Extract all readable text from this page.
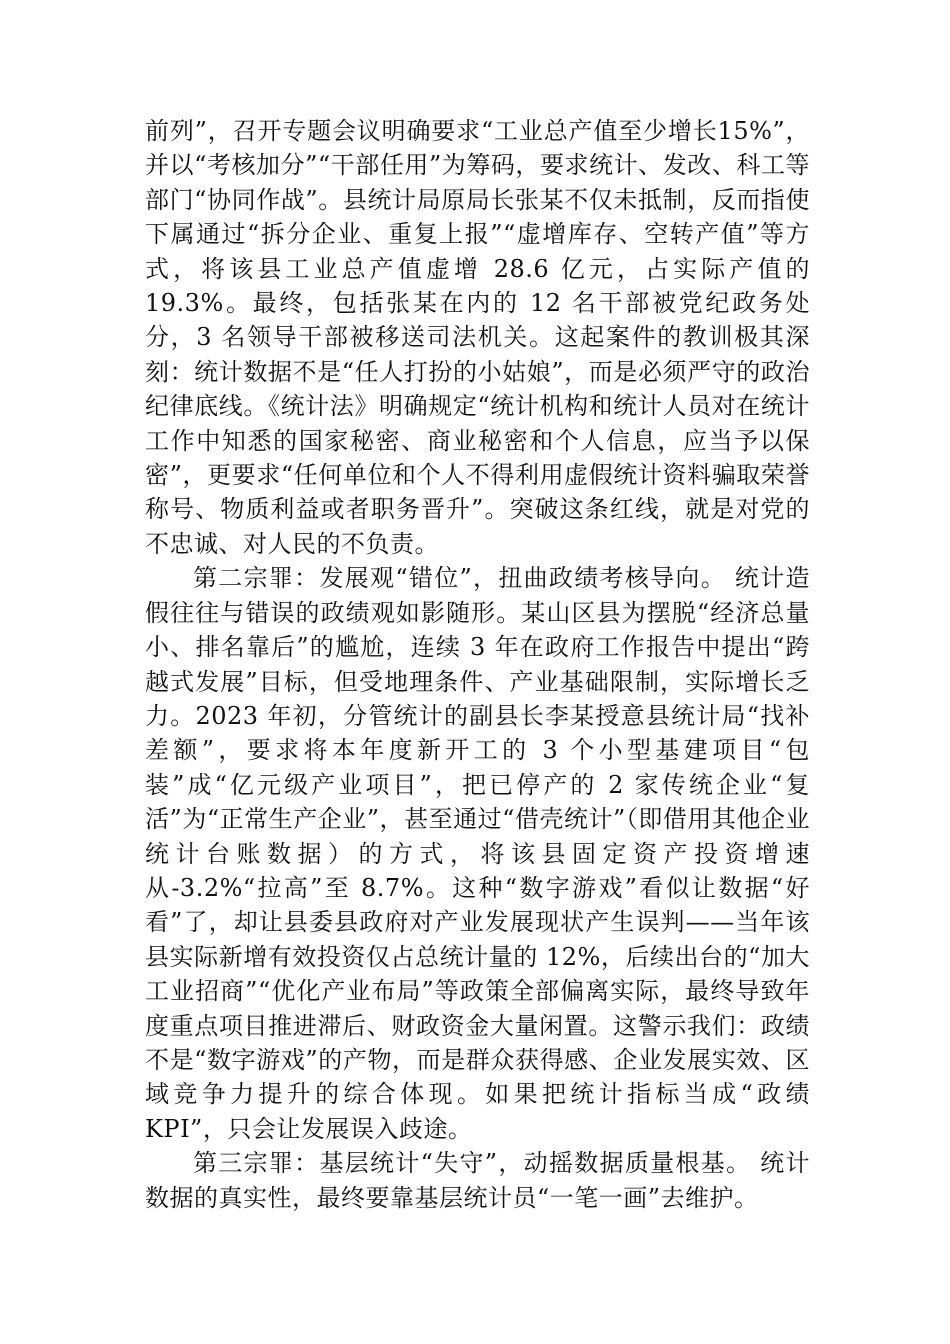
前列”，召开专题会议明确要求“工业总产值至少增长15%”，并以“考核加分”“干部任用”为筹码，要求统计、发改、科工等部门“协同作战”。县统计局原局长张某不仅未抵制，反而指使下属通过“拆分企业、重复上报”“虚增库存、空转产值”等方式，将该县工业总产值虚增 28.6 亿元，占实际产值的 19.3%。最终，包括张某在内的 12 名干部被党纪政务处分，3 名领导干部被移送司法机关。这起案件的教训极其深刻：统计数据不是“任人打扮的小姑娘”，而是必须严守的政治纪律底线。《统计法》明确规定“统计机构和统计人员对在统计工作中知悉的国家秘密、商业秘密和个人信息，应当予以保密”，更要求“任何单位和个人不得利用虚假统计资料骗取荣誉称号、物质利益或者职务晋升”。突破这条红线，就是对党的不忠诚、对人民的不负责。

第二宗罪：发展观“错位”，扭曲政绩考核导向。 统计造假往往与错误的政绩观如影随形。某山区县为摆脱“经济总量小、排名靠后”的尴尬，连续 3 年在政府工作报告中提出“跨越式发展”目标，但受地理条件、产业基础限制，实际增长乏力。2023 年初，分管统计的副县长李某授意县统计局“找补差额”，要求将本年度新开工的 3 个小型基建项目“包装”成“亿元级产业项目”，把已停产的 2 家传统企业“复活”为“正常生产企业”，甚至通过“借壳统计”（即借用其他企业统计台账数据）的方式，将该县固定资产投资增速从-3.2%“拉高”至 8.7%。这种“数字游戏”看似让数据“好看”了，却让县委县政府对产业发展现状产生误判——当年该县实际新增有效投资仅占总统计量的 12%，后续出台的“加大工业招商”“优化产业布局”等政策全部偏离实际，最终导致年度重点项目推进滞后、财政资金大量闲置。这警示我们：政绩不是“数字游戏”的产物，而是群众获得感、企业发展实效、区域竞争力提升的综合体现。如果把统计指标当成“政绩 KPI”，只会让发展误入歧途。

第三宗罪：基层统计“失守”，动摇数据质量根基。 统计数据的真实性，最终要靠基层统计员“一笔一画”去维护。
